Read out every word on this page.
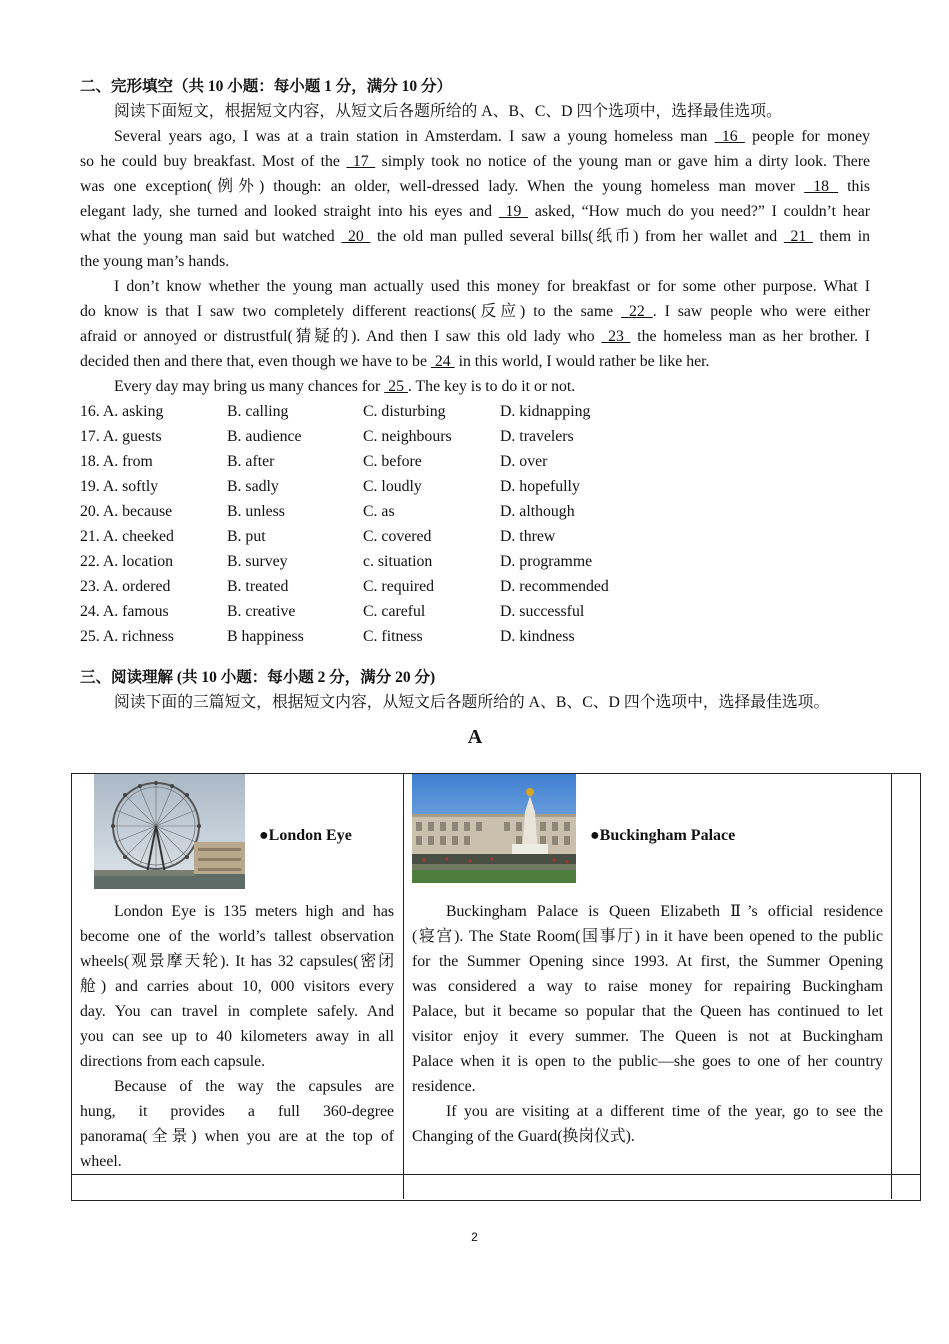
二、完形填空（共 10 小题：每小题 1 分，满分 10 分）
阅读下面短文，根据短文内容，从短文后各题所给的 A、B、C、D 四个选项中，选择最佳选项。
Several years ago, I was at a train station in Amsterdam. I saw a young homeless man  16  people for money
so he could buy breakfast. Most of the  17  simply took no notice of the young man or gave him a dirty look. There
was one exception(例外) though: an older, well-dressed lady. When the young homeless man mover  18  this
elegant lady, she turned and looked straight into his eyes and  19  asked, “How much do you need?” I couldn’t hear
what the young man said but watched  20  the old man pulled several bills(纸币) from her wallet and  21  them in
the young man’s hands.
I don’t know whether the young man actually used this money for breakfast or for some other purpose. What I
do know is that I saw two completely different reactions(反应) to the same  22 . I saw people who were either
afraid or annoyed or distrustful(猜疑的). And then I saw this old lady who  23  the homeless man as her brother. I
decided then and there that, even though we have to be  24  in this world, I would rather be like her.
Every day may bring us many chances for  25 . The key is to do it or not.
16. A. asking	B. calling	C. disturbing	D. kidnapping
17. A. guests	B. audience	C. neighbours	D. travelers
18. A. from	B. after	C. before	D. over
19. A. softly	B. sadly	C. loudly	D. hopefully
20. A. because	B. unless	C. as	D. although
21. A. cheeked	B. put	C. covered	D. threw
22. A. location	B. survey	c. situation	D. programme
23. A. ordered	B. treated	C. required	D. recommended
24. A. famous	B. creative	C. careful	D. successful
25. A. richness	B happiness	C. fitness	D. kindness
三、阅读理解 (共 10 小题：每小题 2 分，满分 20 分)
阅读下面的三篇短文，根据短文内容，从短文后各题所给的 A、B、C、D 四个选项中，选择最佳选项。
A
●London Eye	●Buckingham Palace
London Eye is 135 meters high and has
become one of the world’s tallest observation
wheels(观景摩天轮). It has 32 capsules(密闭
舱) and carries about 10, 000 visitors every
day. You can travel in complete safely. And
you can see up to 40 kilometers away in all
directions from each capsule.
Because of the way the capsules are
hung, it provides a full 360-degree
panorama(全景) when you are at the top of
wheel.
Buckingham Palace is Queen Elizabeth Ⅱ’s official residence
(寝宫). The State Room(国事厅) in it have been opened to the public
for the Summer Opening since 1993. At first, the Summer Opening
was considered a way to raise money for repairing Buckingham
Palace, but it became so popular that the Queen has continued to let
visitor enjoy it every summer. The Queen is not at Buckingham
Palace when it is open to the public—she goes to one of her country
residence.
If you are visiting at a different time of the year, go to see the
Changing of the Guard(换岗仪式).
2
